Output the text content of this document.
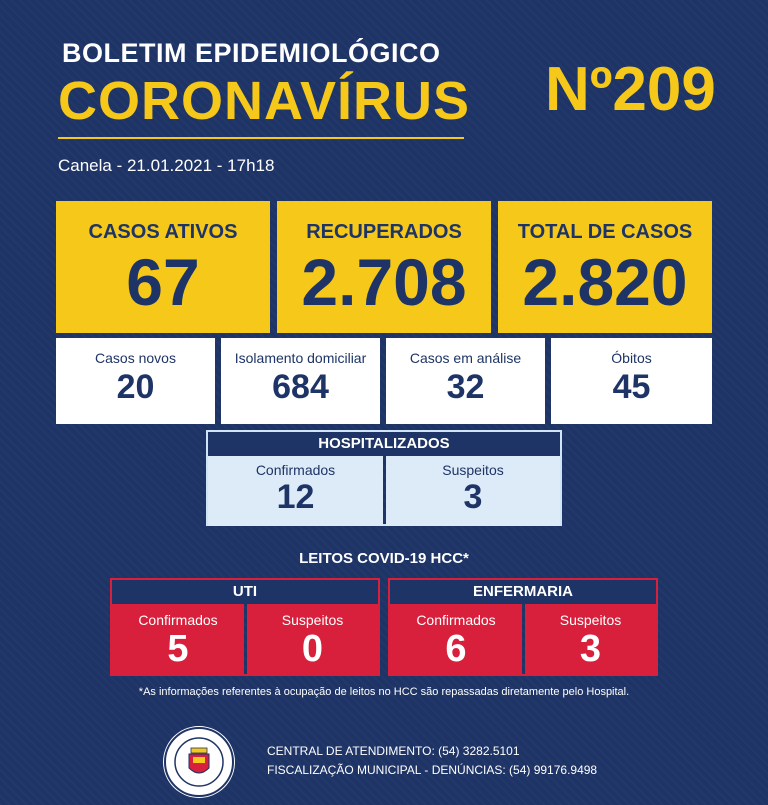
BOLETIM EPIDEMIOLÓGICO
CORONAVÍRUS Nº209
Canela - 21.01.2021 - 17h18
CASOS ATIVOS
67
RECUPERADOS
2.708
TOTAL DE CASOS
2.820
Casos novos
20
Isolamento domiciliar
684
Casos em análise
32
Óbitos
45
HOSPITALIZADOS
Confirmados
12
Suspeitos
3
LEITOS COVID-19 HCC*
UTI
Confirmados
5
Suspeitos
0
ENFERMARIA
Confirmados
6
Suspeitos
3
*As informações referentes à ocupação de leitos no HCC são repassadas diretamente pelo Hospital.
CENTRAL DE ATENDIMENTO: (54) 3282.5101
FISCALIZAÇÃO MUNICIPAL - DENÚNCIAS: (54) 99176.9498
